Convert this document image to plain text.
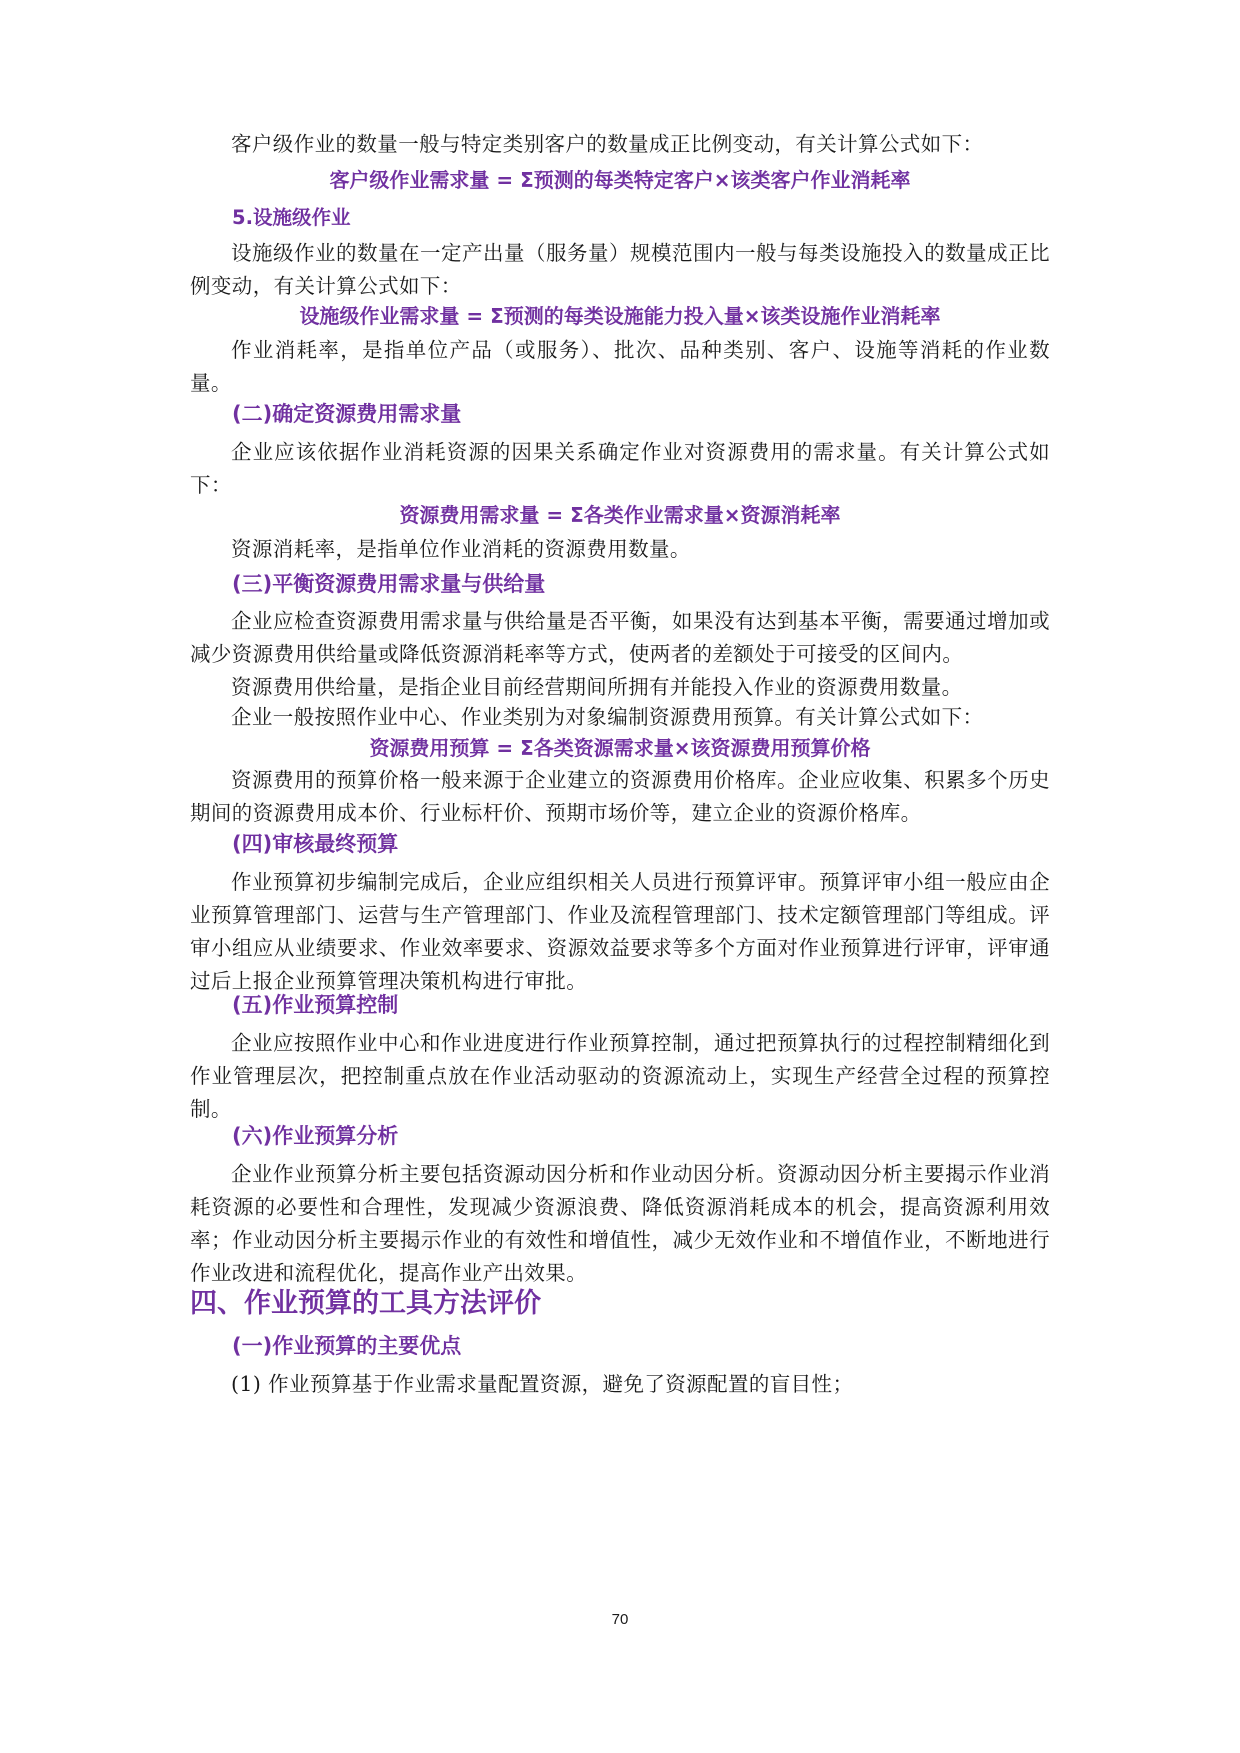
客户级作业的数量一般与特定类别客户的数量成正比例变动，有关计算公式如下：

客户级作业需求量 = Σ预测的每类特定客户×该类客户作业消耗率

5.设施级作业

设施级作业的数量在一定产出量（服务量）规模范围内一般与每类设施投入的数量成正比例变动，有关计算公式如下：

设施级作业需求量 = Σ预测的每类设施能力投入量×该类设施作业消耗率

作业消耗率，是指单位产品（或服务）、批次、品种类别、客户、设施等消耗的作业数量。

(二)确定资源费用需求量

企业应该依据作业消耗资源的因果关系确定作业对资源费用的需求量。有关计算公式如下：

资源费用需求量 = Σ各类作业需求量×资源消耗率

资源消耗率，是指单位作业消耗的资源费用数量。

(三)平衡资源费用需求量与供给量

企业应检查资源费用需求量与供给量是否平衡，如果没有达到基本平衡，需要通过增加或减少资源费用供给量或降低资源消耗率等方式，使两者的差额处于可接受的区间内。

资源费用供给量，是指企业目前经营期间所拥有并能投入作业的资源费用数量。

企业一般按照作业中心、作业类别为对象编制资源费用预算。有关计算公式如下：

资源费用预算 = Σ各类资源需求量×该资源费用预算价格

资源费用的预算价格一般来源于企业建立的资源费用价格库。企业应收集、积累多个历史期间的资源费用成本价、行业标杆价、预期市场价等，建立企业的资源价格库。

(四)审核最终预算

作业预算初步编制完成后，企业应组织相关人员进行预算评审。预算评审小组一般应由企业预算管理部门、运营与生产管理部门、作业及流程管理部门、技术定额管理部门等组成。评审小组应从业绩要求、作业效率要求、资源效益要求等多个方面对作业预算进行评审，评审通过后上报企业预算管理决策机构进行审批。

(五)作业预算控制

企业应按照作业中心和作业进度进行作业预算控制，通过把预算执行的过程控制精细化到作业管理层次，把控制重点放在作业活动驱动的资源流动上，实现生产经营全过程的预算控制。

(六)作业预算分析

企业作业预算分析主要包括资源动因分析和作业动因分析。资源动因分析主要揭示作业消耗资源的必要性和合理性，发现减少资源浪费、降低资源消耗成本的机会，提高资源利用效率；作业动因分析主要揭示作业的有效性和增值性，减少无效作业和不增值作业，不断地进行作业改进和流程优化，提高作业产出效果。

四、作业预算的工具方法评价

(一)作业预算的主要优点

(1) 作业预算基于作业需求量配置资源，避免了资源配置的盲目性；

70
